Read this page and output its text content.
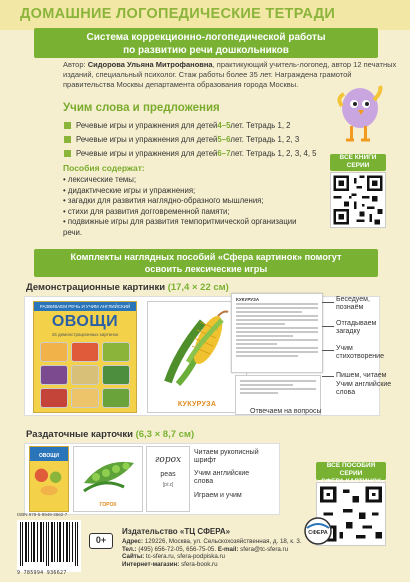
ДОМАШНИЕ ЛОГОПЕДИЧЕСКИЕ ТЕТРАДИ
Система коррекционно-логопедической работы
по развитию речи дошкольников
Автор: Сидорова Ульяна Митрофановна, практикующий учитель-логопед, автор 12 печатных изданий, специальный психолог. Стаж работы более 35 лет. Награждена грамотой правительства Москвы департамента образования города Москвы.
Учим слова и предложения
Речевые игры и упражнения для детей 4–5 лет. Тетрадь 1, 2
Речевые игры и упражнения для детей 5–6 лет. Тетрадь 1, 2, 3
Речевые игры и упражнения для детей 6–7 лет. Тетрадь 1, 2, 3, 4, 5
Пособия содержат:
• лексические темы;
• дидактические игры и упражнения;
• загадки для развития наглядно-образного мышления;
• стихи для развития догговременной памяти;
• подвижные игры для развития темпоритмической организации речи.
ВСЕ КНИГИ
СЕРИИ
Комплекты наглядных пособий «Сфера картинок» помогут
освоить лексические игры
Демонстрационные картинки (17,4 × 22 см)
РАЗВИВАЕМ РЕЧЬ И УЧИМ АНГЛИЙСКИЙ
ОВОЩИ
16 демонстрационных картинок
КУКУРУЗА
КУКУРУЗА
Отвечаем на вопросы
Беседуем, познаём
Отгадываем загадку
Учим стихотворение
Пишем, читаем
Учим английские слова
Раздаточные карточки (6,3 × 8,7 см)
ОВОЩИ
ГОРОХ
горох
peas
[pi:z]
Читаем рукописный шрифт
Учим английские слова
Играем и учим
ВСЕ ПОСОБИЯ СЕРИИ
СФЕРА
ISBN 978-5-9949-3662-7
9 785994 936627
0+
Издательство «ТЦ СФЕРА»
Адрес: 129226, Москва, ул. Сельскохозяйственная, д. 18, к. 3.
Тел.: (495) 656-72-05, 656-75-05. E-mail: sfera@tc-sfera.ru
Сайты: tc-sfera.ru, sfera-podpiska.ru
Интернет-магазин: sfera-book.ru
